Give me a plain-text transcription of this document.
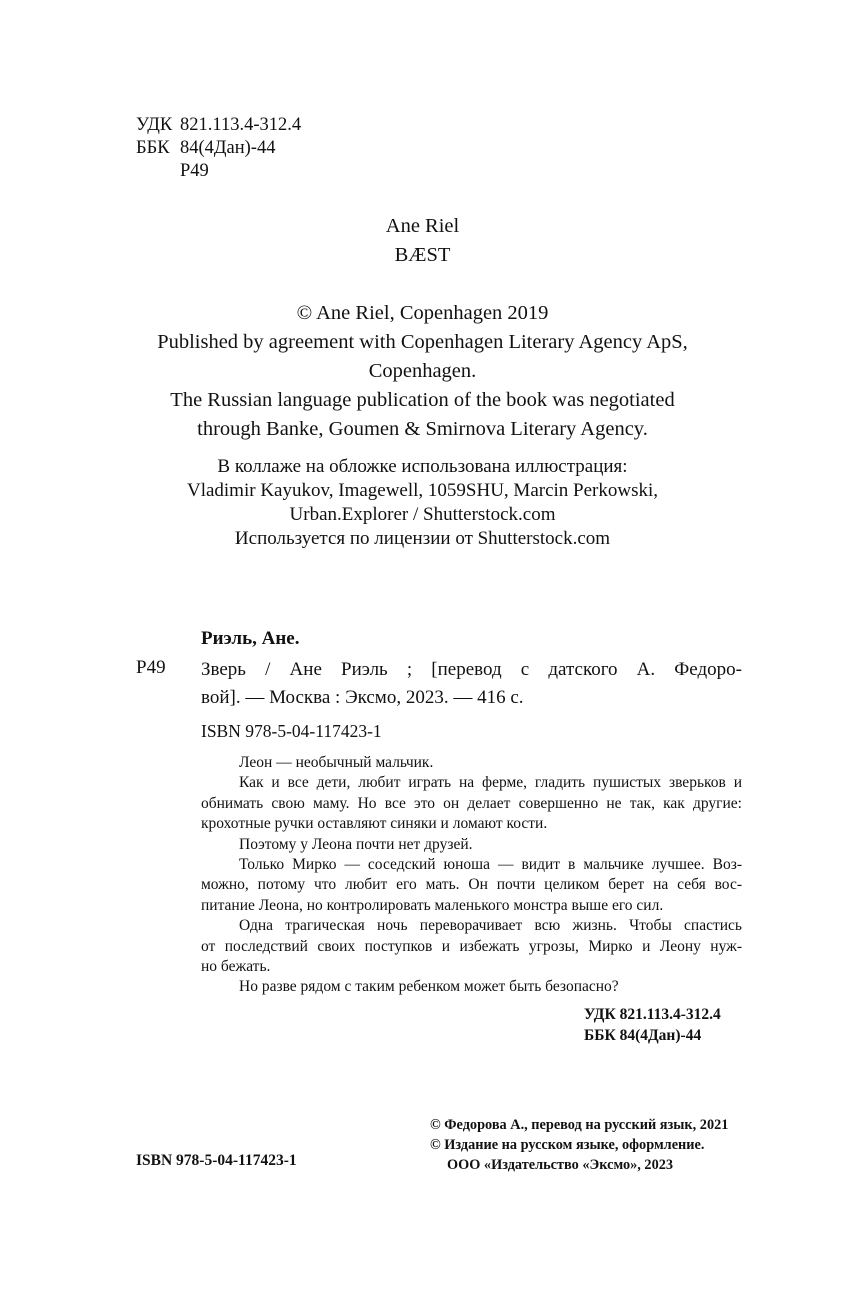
УДК 821.113.4-312.4
ББК 84(4Дан)-44
Р49
Ane Riel
BÆST
© Ane Riel, Copenhagen 2019
Published by agreement with Copenhagen Literary Agency ApS,
Copenhagen.
The Russian language publication of the book was negotiated
through Banke, Goumen & Smirnova Literary Agency.
В коллаже на обложке использована иллюстрация:
Vladimir Kayukov, Imagewell, 1059SHU, Marcin Perkowski,
Urban.Explorer / Shutterstock.com
Используется по лицензии от Shutterstock.com
Риэль, Ане.
Р49 Зверь / Ане Риэль ; [перевод с датского А. Федоро-
вой]. — Москва : Эксмо, 2023. — 416 с.
ISBN 978-5-04-117423-1
Леон — необычный мальчик.
Как и все дети, любит играть на ферме, гладить пушистых зверьков и
обнимать свою маму. Но все это он делает совершенно не так, как другие:
крохотные ручки оставляют синяки и ломают кости.
Поэтому у Леона почти нет друзей.
Только Мирко — соседский юноша — видит в мальчике лучшее. Воз-
можно, потому что любит его мать. Он почти целиком берет на себя вос-
питание Леона, но контролировать маленького монстра выше его сил.
Одна трагическая ночь переворачивает всю жизнь. Чтобы спастись
от последствий своих поступков и избежать угрозы, Мирко и Леону нуж-
но бежать.
Но разве рядом с таким ребенком может быть безопасно?
УДК 821.113.4-312.4
ББК 84(4Дан)-44
ISBN 978-5-04-117423-1
© Федорова А., перевод на русский язык, 2021
© Издание на русском языке, оформление.
ООО «Издательство «Эксмо», 2023
